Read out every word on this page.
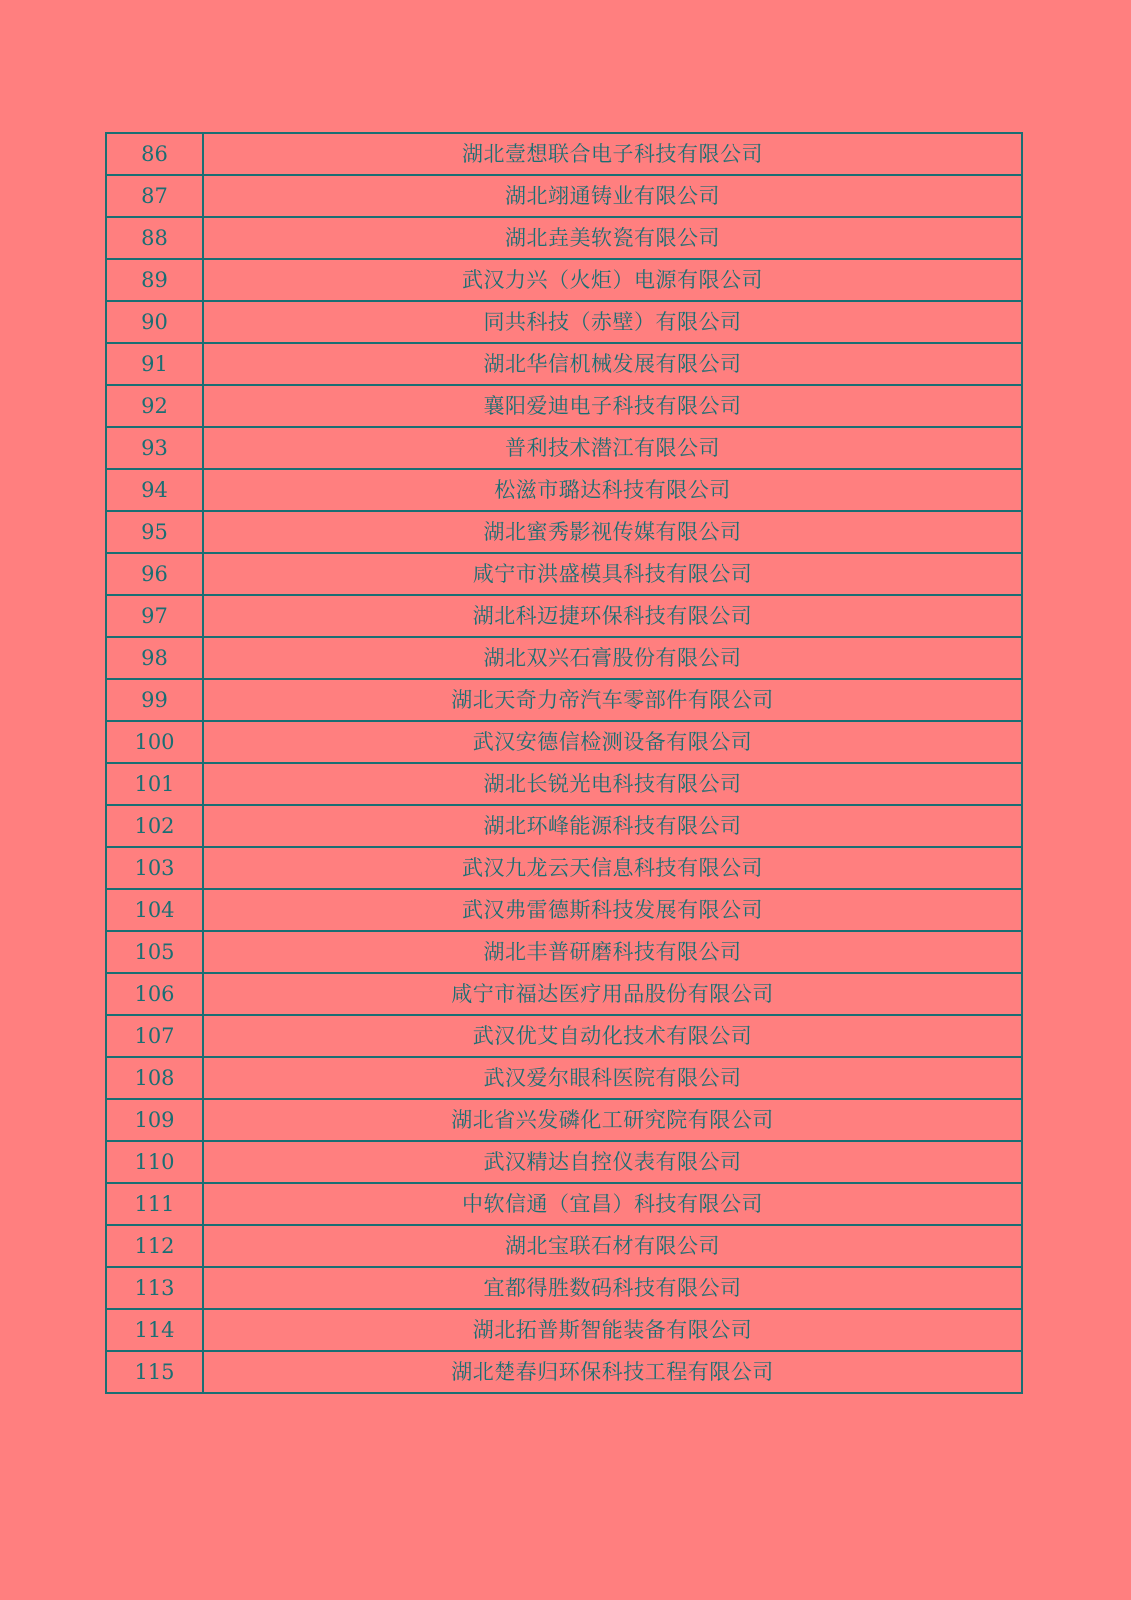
86	湖北壹想联合电子科技有限公司
87	湖北翊通铸业有限公司
88	湖北垚美软瓷有限公司
89	武汉力兴（火炬）电源有限公司
90	同共科技（赤壁）有限公司
91	湖北华信机械发展有限公司
92	襄阳爱迪电子科技有限公司
93	普利技术潜江有限公司
94	松滋市璐达科技有限公司
95	湖北蜜秀影视传媒有限公司
96	咸宁市洪盛模具科技有限公司
97	湖北科迈捷环保科技有限公司
98	湖北双兴石膏股份有限公司
99	湖北天奇力帝汽车零部件有限公司
100	武汉安德信检测设备有限公司
101	湖北长锐光电科技有限公司
102	湖北环峰能源科技有限公司
103	武汉九龙云天信息科技有限公司
104	武汉弗雷德斯科技发展有限公司
105	湖北丰普研磨科技有限公司
106	咸宁市福达医疗用品股份有限公司
107	武汉优艾自动化技术有限公司
108	武汉爱尔眼科医院有限公司
109	湖北省兴发磷化工研究院有限公司
110	武汉精达自控仪表有限公司
111	中软信通（宜昌）科技有限公司
112	湖北宝联石材有限公司
113	宜都得胜数码科技有限公司
114	湖北拓普斯智能装备有限公司
115	湖北楚春归环保科技工程有限公司
